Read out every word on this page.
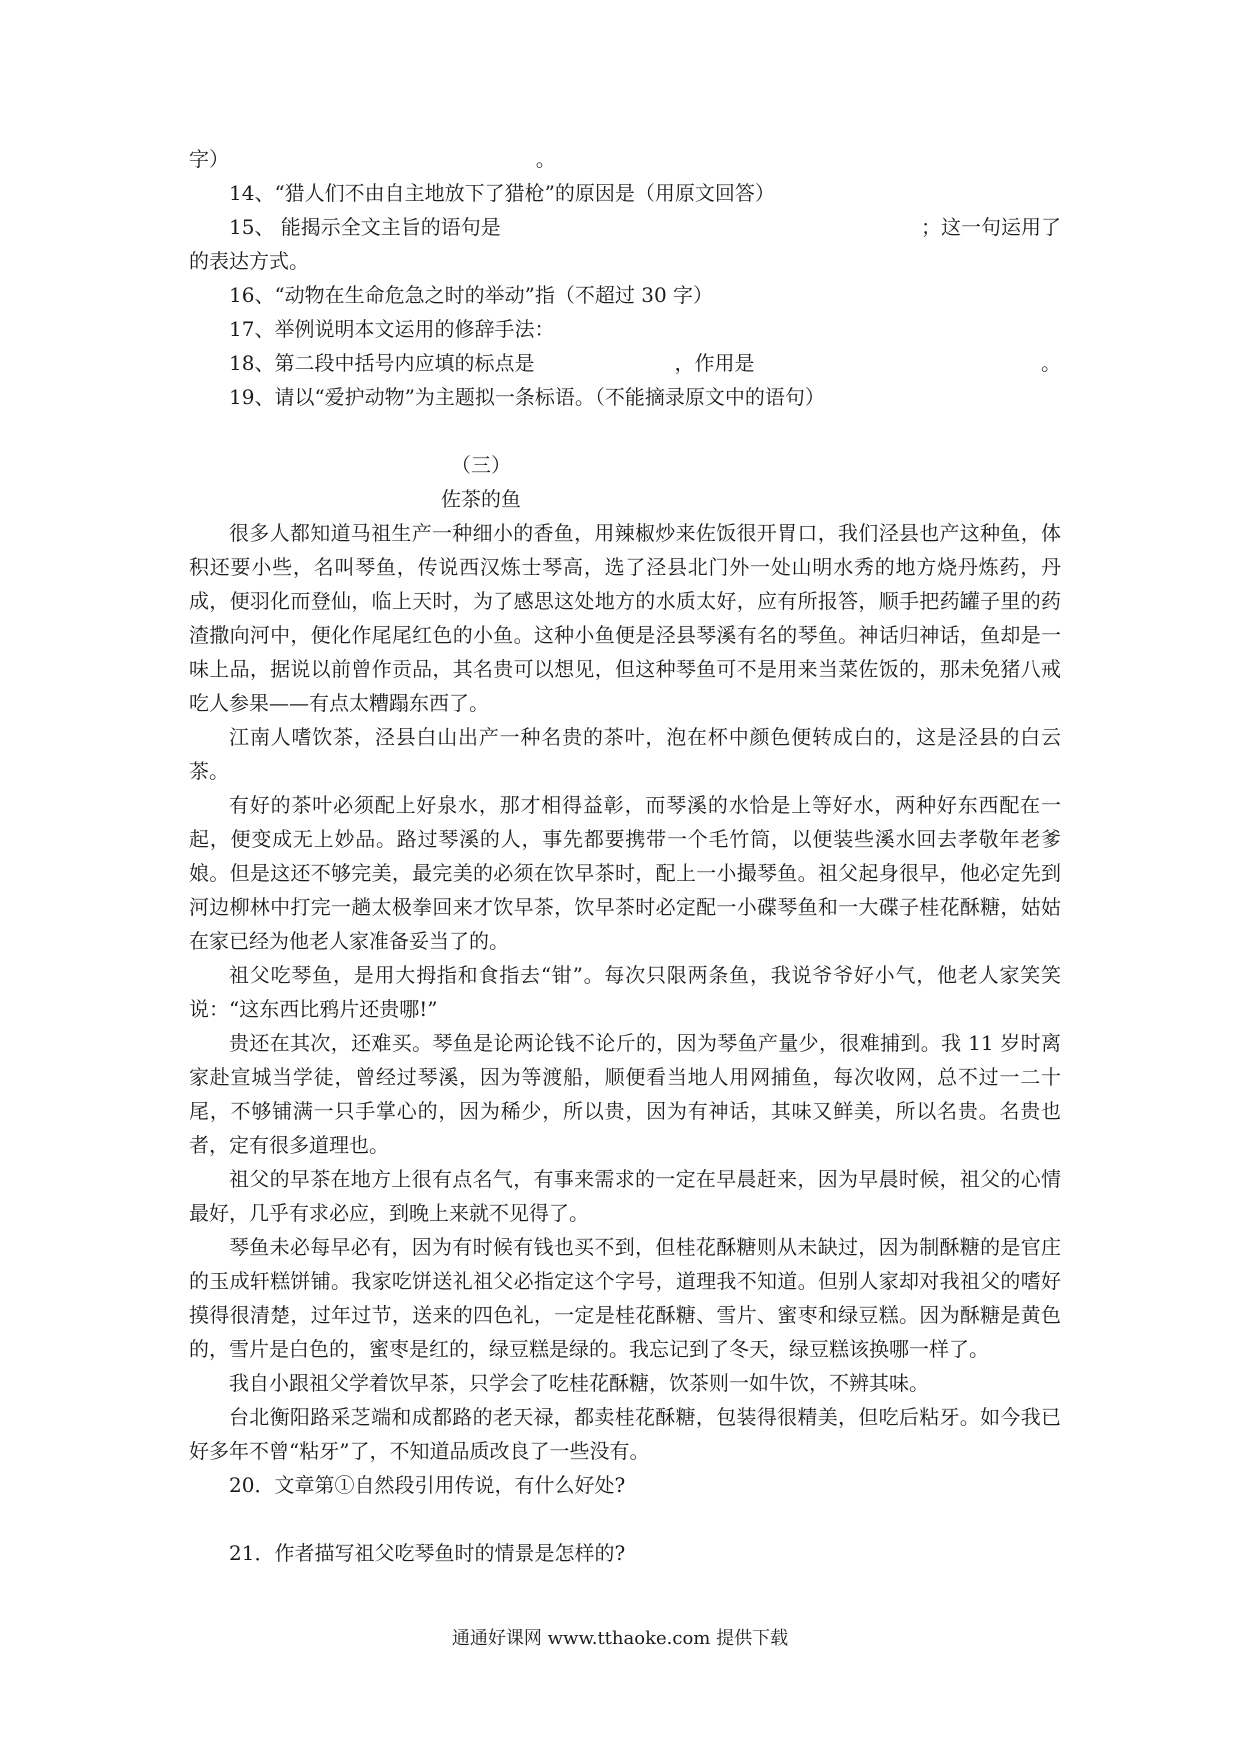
字）	。
14、“猎人们不由自主地放下了猎枪”的原因是（用原文回答）
15、 能揭示全文主旨的语句是	；这一句运用了
的表达方式。
16、“动物在生命危急之时的举动”指（不超过 30 字）
17、举例说明本文运用的修辞手法：
18、第二段中括号内应填的标点是	，作用是	。
19、请以“爱护动物”为主题拟一条标语。（不能摘录原文中的语句）
（三）
佐茶的鱼
很多人都知道马祖生产一种细小的香鱼，用辣椒炒来佐饭很开胃口，我们泾县也产这种鱼，体积还要小些，名叫琴鱼，传说西汉炼士琴高，选了泾县北门外一处山明水秀的地方烧丹炼药，丹成，便羽化而登仙，临上天时，为了感思这处地方的水质太好，应有所报答，顺手把药罐子里的药渣撒向河中，便化作尾尾红色的小鱼。这种小鱼便是泾县琴溪有名的琴鱼。神话归神话，鱼却是一味上品，据说以前曾作贡品，其名贵可以想见，但这种琴鱼可不是用来当菜佐饭的，那未免猪八戒吃人参果——有点太糟蹋东西了。
江南人嗜饮茶，泾县白山出产一种名贵的茶叶，泡在杯中颜色便转成白的，这是泾县的白云茶。
有好的茶叶必须配上好泉水，那才相得益彰，而琴溪的水恰是上等好水，两种好东西配在一起，便变成无上妙品。路过琴溪的人，事先都要携带一个毛竹筒，以便装些溪水回去孝敬年老爹娘。但是这还不够完美，最完美的必须在饮早茶时，配上一小撮琴鱼。祖父起身很早，他必定先到河边柳林中打完一趟太极拳回来才饮早茶，饮早茶时必定配一小碟琴鱼和一大碟子桂花酥糖，姑姑在家已经为他老人家准备妥当了的。
祖父吃琴鱼，是用大拇指和食指去“钳”。每次只限两条鱼，我说爷爷好小气，他老人家笑笑说：“这东西比鸦片还贵哪!”
贵还在其次，还难买。琴鱼是论两论钱不论斤的，因为琴鱼产量少，很难捕到。我 11 岁时离家赴宣城当学徒，曾经过琴溪，因为等渡船，顺便看当地人用网捕鱼，每次收网，总不过一二十尾，不够铺满一只手掌心的，因为稀少，所以贵，因为有神话，其味又鲜美，所以名贵。名贵也者，定有很多道理也。
祖父的早茶在地方上很有点名气，有事来需求的一定在早晨赶来，因为早晨时候，祖父的心情最好，几乎有求必应，到晚上来就不见得了。
琴鱼未必每早必有，因为有时候有钱也买不到，但桂花酥糖则从未缺过，因为制酥糖的是官庄的玉成轩糕饼铺。我家吃饼送礼祖父必指定这个字号，道理我不知道。但别人家却对我祖父的嗜好摸得很清楚，过年过节，送来的四色礼，一定是桂花酥糖、雪片、蜜枣和绿豆糕。因为酥糖是黄色的，雪片是白色的，蜜枣是红的，绿豆糕是绿的。我忘记到了冬天，绿豆糕该换哪一样了。
我自小跟祖父学着饮早茶，只学会了吃桂花酥糖，饮茶则一如牛饮，不辨其味。
台北衡阳路采芝端和成都路的老天禄，都卖桂花酥糖，包装得很精美，但吃后粘牙。如今我已好多年不曾“粘牙”了，不知道品质改良了一些没有。
20．文章第①自然段引用传说，有什么好处?
21．作者描写祖父吃琴鱼时的情景是怎样的?
通通好课网 www.tthaoke.com 提供下载
